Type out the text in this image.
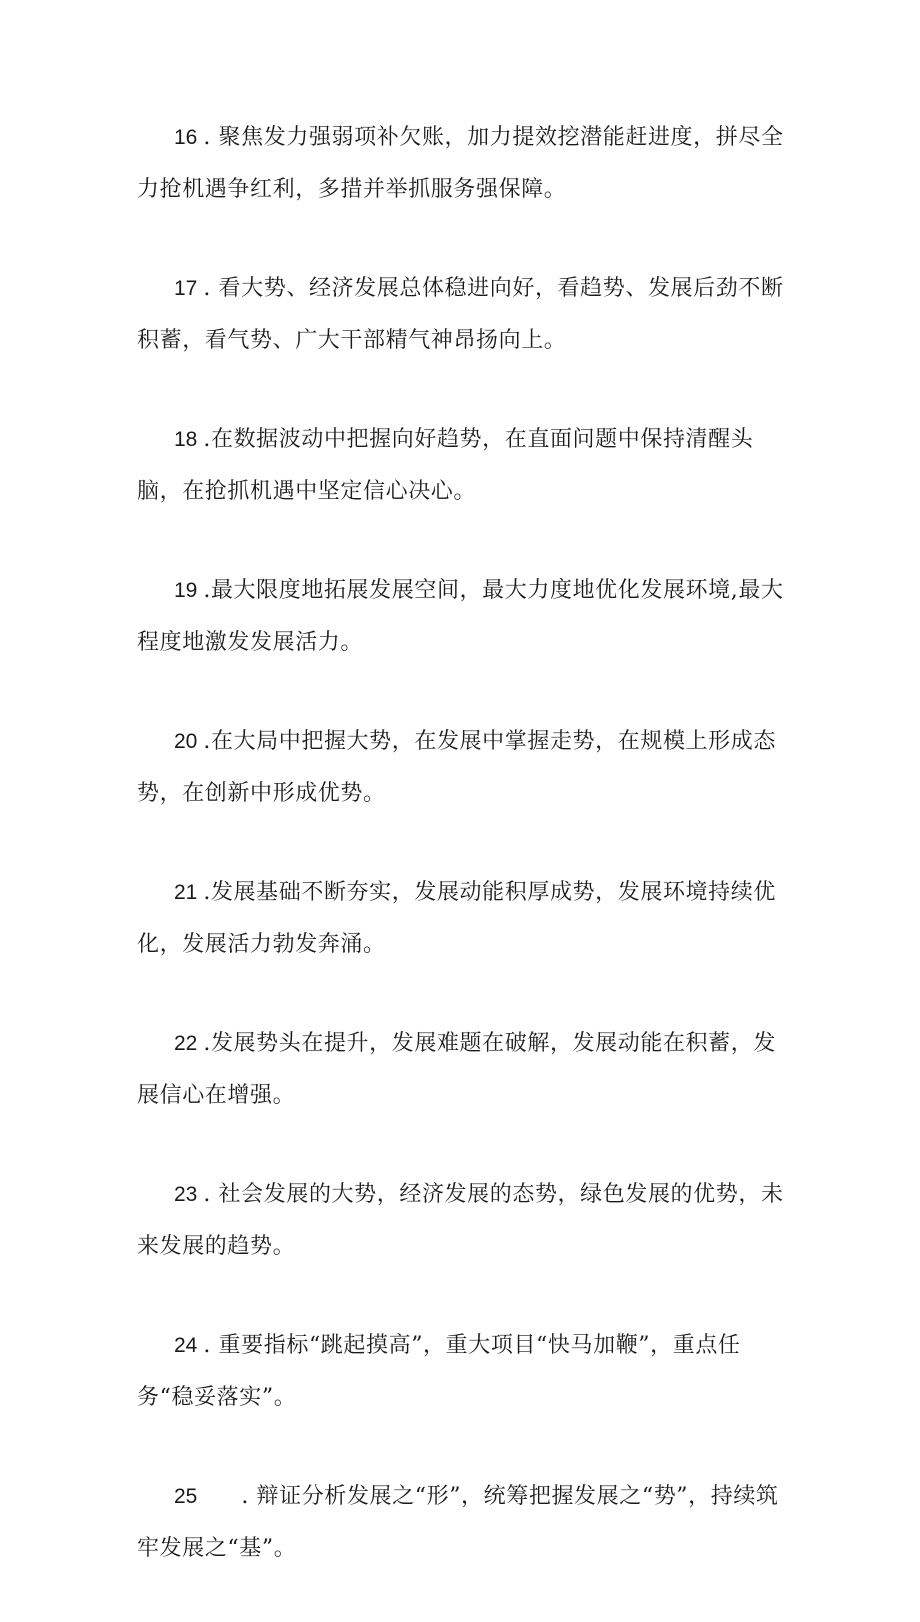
16 . 聚焦发力强弱项补欠账，加力提效挖潜能赶进度，拼尽全力抢机遇争红利，多措并举抓服务强保障。

17 . 看大势、经济发展总体稳进向好，看趋势、发展后劲不断积蓄，看气势、广大干部精气神昂扬向上。

18 .在数据波动中把握向好趋势，在直面问题中保持清醒头脑，在抢抓机遇中坚定信心决心。

19 .最大限度地拓展发展空间，最大力度地优化发展环境,最大程度地激发发展活力。

20 .在大局中把握大势，在发展中掌握走势，在规模上形成态势，在创新中形成优势。

21 .发展基础不断夯实，发展动能积厚成势，发展环境持续优化，发展活力勃发奔涌。

22 .发展势头在提升，发展难题在破解，发展动能在积蓄，发展信心在增强。

23 . 社会发展的大势，经济发展的态势，绿色发展的优势，未来发展的趋势。

24 . 重要指标“跳起摸高”，重大项目“快马加鞭”，重点任务“稳妥落实”。

25 . 辩证分析发展之“形”，统筹把握发展之“势”，持续筑牢发展之“基”。
